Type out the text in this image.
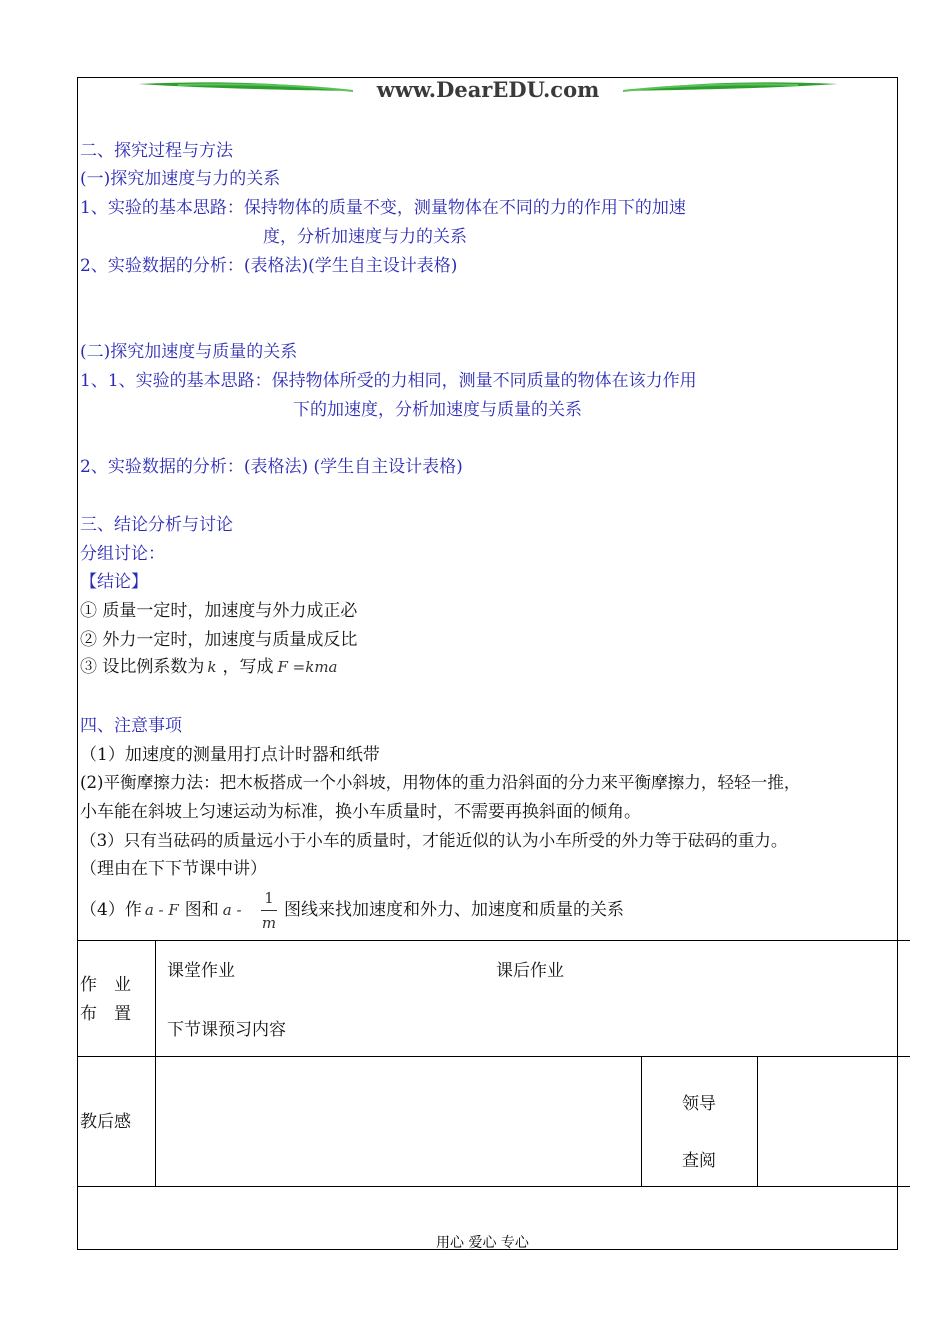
www.DearEDU.com
二、探究过程与方法
(一)探究加速度与力的关系
1、实验的基本思路：保持物体的质量不变，测量物体在不同的力的作用下的加速
度，分析加速度与力的关系
2、实验数据的分析：(表格法)(学生自主设计表格)
(二)探究加速度与质量的关系
1、1、实验的基本思路：保持物体所受的力相同，测量不同质量的物体在该力作用
下的加速度，分析加速度与质量的关系
2、实验数据的分析：(表格法) (学生自主设计表格)
三、结论分析与讨论
分组讨论：
【结论】
① 质量一定时，加速度与外力成正必
② 外力一定时，加速度与质量成反比
③ 设比例系数为 k ，写成 F =kma
四、注意事项
（1）加速度的测量用打点计时器和纸带
(2)平衡摩擦力法：把木板搭成一个小斜坡，用物体的重力沿斜面的分力来平衡摩擦力，轻轻一推，
小车能在斜坡上匀速运动为标准，换小车质量时，不需要再换斜面的倾角。
（3）只有当砝码的质量远小于小车的质量时，才能近似的认为小车所受的外力等于砝码的重力。
（理由在下下节课中讲）
（4）作 a - F 图和 a -
1
m
图线来找加速度和外力、加速度和质量的关系
作　业
布　置
课堂作业	课后作业
下节课预习内容
教后感
领导
查阅
用心 爱心 专心
